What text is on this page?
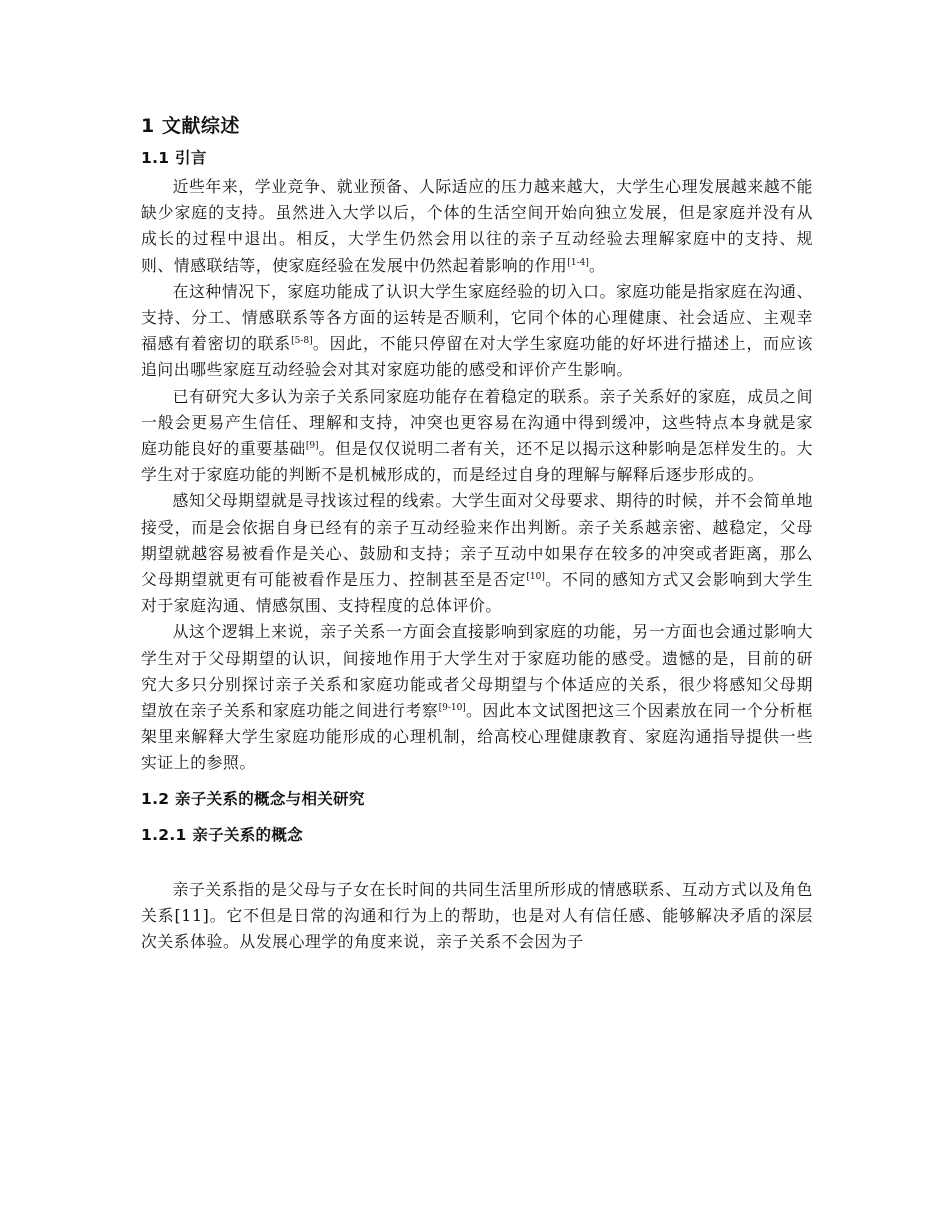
1 文献综述
1.1 引言

近些年来，学业竞争、就业预备、人际适应的压力越来越大，大学生心理发展越来越不能缺少家庭的支持。虽然进入大学以后，个体的生活空间开始向独立发展，但是家庭并没有从成长的过程中退出。相反，大学生仍然会用以往的亲子互动经验去理解家庭中的支持、规则、情感联结等，使家庭经验在发展中仍然起着影响的作用[1-4]。

在这种情况下，家庭功能成了认识大学生家庭经验的切入口。家庭功能是指家庭在沟通、支持、分工、情感联系等各方面的运转是否顺利，它同个体的心理健康、社会适应、主观幸福感有着密切的联系[5-8]。因此，不能只停留在对大学生家庭功能的好坏进行描述上，而应该追问出哪些家庭互动经验会对其对家庭功能的感受和评价产生影响。

已有研究大多认为亲子关系同家庭功能存在着稳定的联系。亲子关系好的家庭，成员之间一般会更易产生信任、理解和支持，冲突也更容易在沟通中得到缓冲，这些特点本身就是家庭功能良好的重要基础[9]。但是仅仅说明二者有关，还不足以揭示这种影响是怎样发生的。大学生对于家庭功能的判断不是机械形成的，而是经过自身的理解与解释后逐步形成的。

感知父母期望就是寻找该过程的线索。大学生面对父母要求、期待的时候，并不会简单地接受，而是会依据自身已经有的亲子互动经验来作出判断。亲子关系越亲密、越稳定，父母期望就越容易被看作是关心、鼓励和支持；亲子互动中如果存在较多的冲突或者距离，那么父母期望就更有可能被看作是压力、控制甚至是否定[10]。不同的感知方式又会影响到大学生对于家庭沟通、情感氛围、支持程度的总体评价。

从这个逻辑上来说，亲子关系一方面会直接影响到家庭的功能，另一方面也会通过影响大学生对于父母期望的认识，间接地作用于大学生对于家庭功能的感受。遗憾的是，目前的研究大多只分别探讨亲子关系和家庭功能或者父母期望与个体适应的关系，很少将感知父母期望放在亲子关系和家庭功能之间进行考察[9-10]。因此本文试图把这三个因素放在同一个分析框架里来解释大学生家庭功能形成的心理机制，给高校心理健康教育、家庭沟通指导提供一些实证上的参照。

1.2 亲子关系的概念与相关研究
1.2.1 亲子关系的概念

亲子关系指的是父母与子女在长时间的共同生活里所形成的情感联系、互动方式以及角色关系[11]。它不但是日常的沟通和行为上的帮助，也是对人有信任感、能够解决矛盾的深层次关系体验。从发展心理学的角度来说，亲子关系不会因为子
